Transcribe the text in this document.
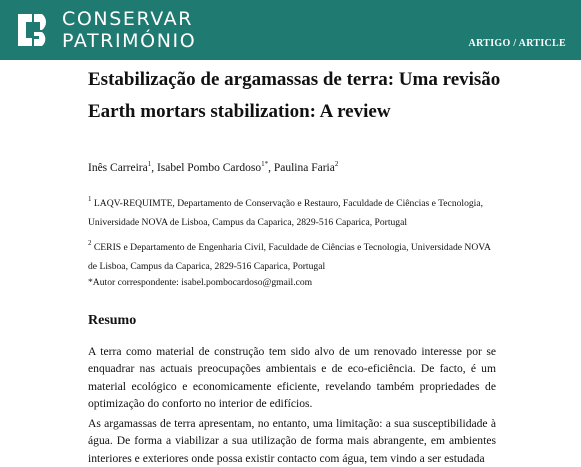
CONSERVAR
PATRIMÓNIO	ARTIGO / ARTICLE
Estabilização de argamassas de terra: Uma revisão
Earth mortars stabilization: A review
Inês Carreira$^1$, Isabel Pombo Cardoso$^{1*}$, Paulina Faria$^2$
$^1$ LAQV-REQUIMTE, Departamento de Conservação e Restauro, Faculdade de Ciências e Tecnologia, Universidade NOVA de Lisboa, Campus da Caparica, 2829-516 Caparica, Portugal
$^2$ CERIS e Departamento de Engenharia Civil, Faculdade de Ciências e Tecnologia, Universidade NOVA de Lisboa, Campus da Caparica, 2829-516 Caparica, Portugal
*Autor correspondente: isabel.pombocardoso@gmail.com
Resumo

A terra como material de construção tem sido alvo de um renovado interesse por se enquadrar nas actuais preocupações ambientais e de eco-eficiência. De facto, é um material ecológico e economicamente eficiente, revelando também propriedades de optimização do conforto no interior de edifícios.

As argamassas de terra apresentam, no entanto, uma limitação: a sua susceptibilidade à água. De forma a viabilizar a sua utilização de forma mais abrangente, em ambientes interiores e exteriores onde possa existir contacto com água, tem vindo a ser estudada
